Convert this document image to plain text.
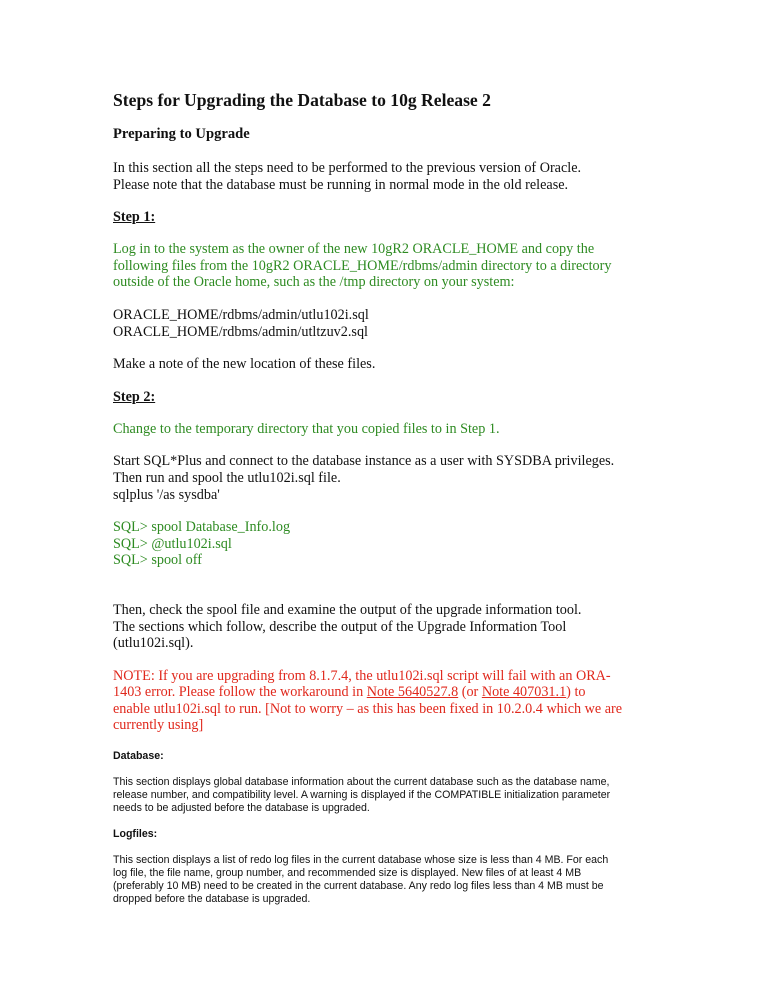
Steps for Upgrading the Database to 10g Release 2

Preparing to Upgrade

In this section all the steps need to be performed to the previous version of Oracle.
Please note that the database must be running in normal mode in the old release.

Step 1:

Log in to the system as the owner of the new 10gR2 ORACLE_HOME and copy the
following files from the 10gR2 ORACLE_HOME/rdbms/admin directory to a directory
outside of the Oracle home, such as the /tmp directory on your system:

ORACLE_HOME/rdbms/admin/utlu102i.sql
ORACLE_HOME/rdbms/admin/utltzuv2.sql

Make a note of the new location of these files.

Step 2:

Change to the temporary directory that you copied files to in Step 1.

Start SQL*Plus and connect to the database instance as a user with SYSDBA privileges.
Then run and spool the utlu102i.sql file.
sqlplus '/as sysdba'

SQL> spool Database_Info.log
SQL> @utlu102i.sql
SQL> spool off

Then, check the spool file and examine the output of the upgrade information tool.
The sections which follow, describe the output of the Upgrade Information Tool
(utlu102i.sql).

NOTE: If you are upgrading from 8.1.7.4, the utlu102i.sql script will fail with an ORA-
1403 error. Please follow the workaround in Note 5640527.8 (or Note 407031.1) to
enable utlu102i.sql to run. [Not to worry – as this has been fixed in 10.2.0.4 which we are
currently using]

Database:

This section displays global database information about the current database such as the database name,
release number, and compatibility level. A warning is displayed if the COMPATIBLE initialization parameter
needs to be adjusted before the database is upgraded.

Logfiles:

This section displays a list of redo log files in the current database whose size is less than 4 MB. For each
log file, the file name, group number, and recommended size is displayed. New files of at least 4 MB
(preferably 10 MB) need to be created in the current database. Any redo log files less than 4 MB must be
dropped before the database is upgraded.
